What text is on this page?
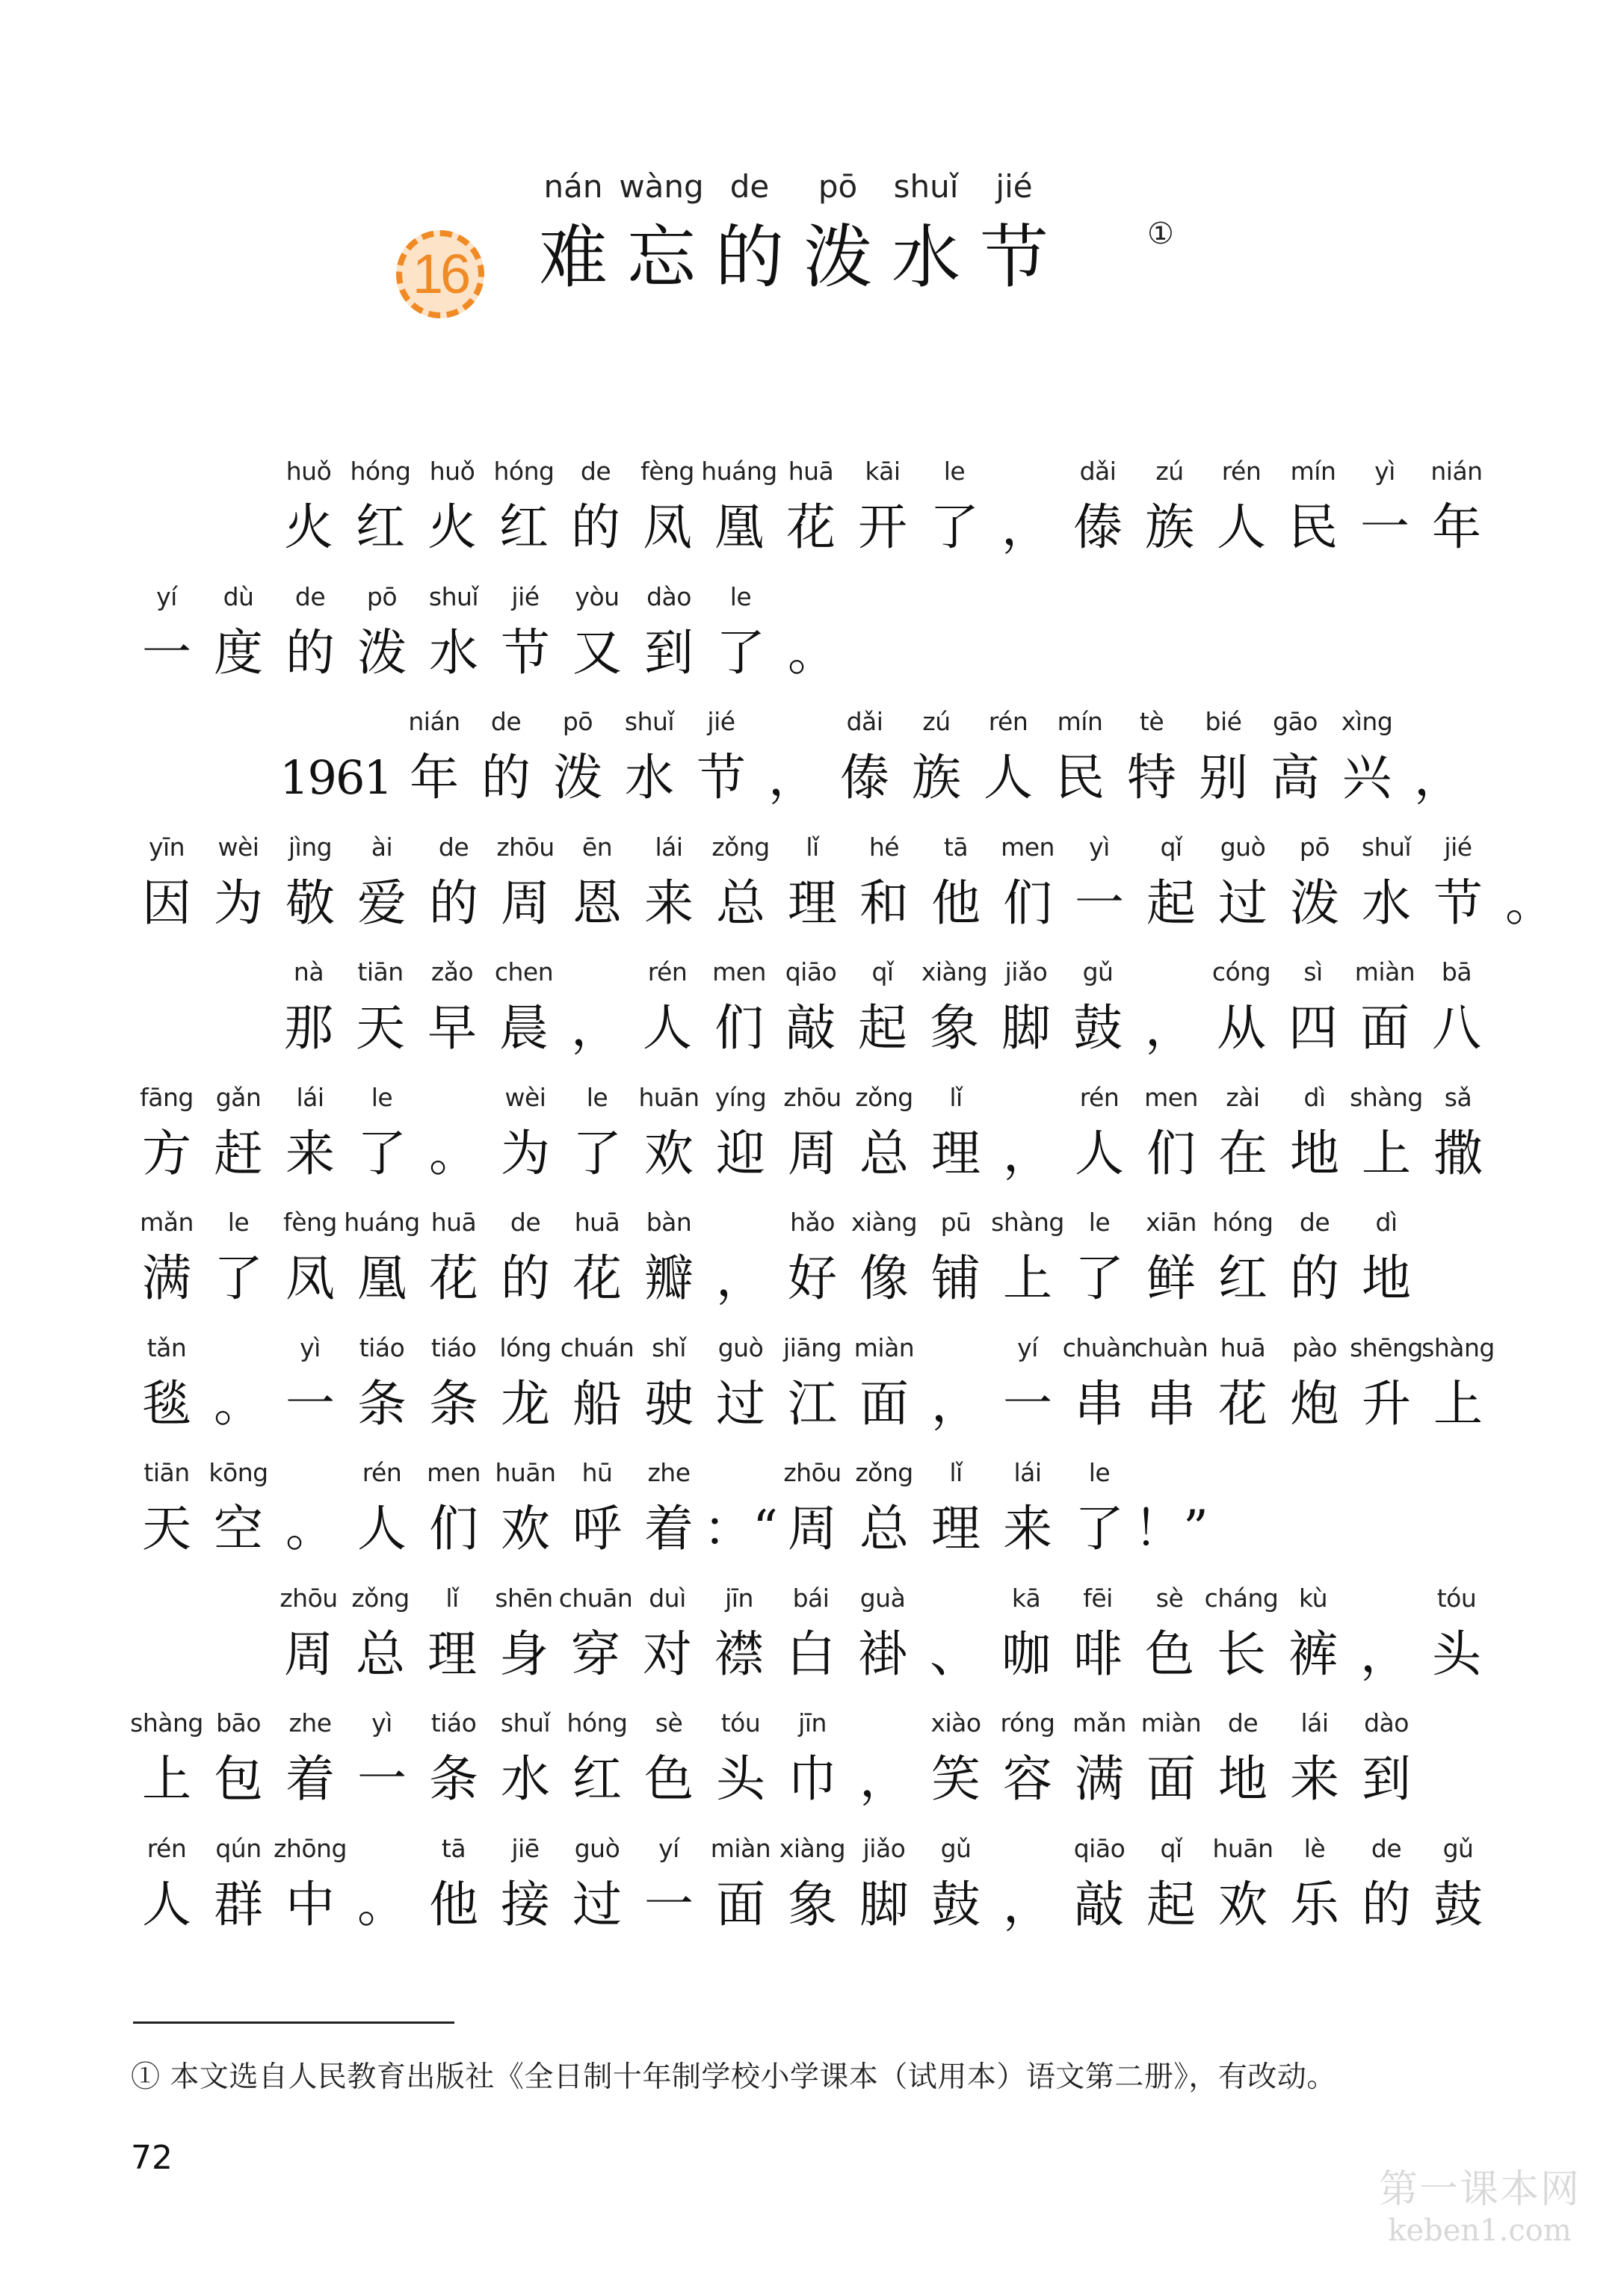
16
nán
难
wàng
忘
de
的
pō
泼
shuǐ
水
jié
节	①
huǒ
火
hóng
红
huǒ
火
hóng
红
de
的
fèng
凤
huáng
凰
huā
花
kāi
开
le
了 ，
dǎi
傣
zú
族
rén
人
mín
民
yì
一
nián
年
yí
一
dù
度
de
的
pō
泼
shuǐ
水
jié
节
yòu
又
dào
到
le
了 。
1961
nián
年
de
的
pō
泼
shuǐ
水
jié
节 ，
dǎi
傣
zú
族
rén
人
mín
民
tè
特
bié
别
gāo
高
xìng
兴 ，
yīn
因
wèi
为
jìng
敬
ài
爱
de
的
zhōu
周
ēn
恩
lái
来
zǒng
总
lǐ
理
hé
和
tā
他
men
们
yì
一
qǐ
起
guò
过
pō
泼
shuǐ
水
jié
节 。
nà
那
tiān
天
zǎo
早
chen
晨 ，
rén
人
men
们
qiāo
敲
qǐ
起
xiàng
象
jiǎo
脚
gǔ
鼓 ，
cóng
从
sì
四
miàn
面
bā
八
fāng
方
gǎn
赶
lái
来
le
了 。
wèi
为
le
了
huān
欢
yíng
迎
zhōu
周
zǒng
总
lǐ
理 ，
rén
人
men
们
zài
在
dì
地
shàng
上
sǎ
撒
mǎn
满
le
了
fèng
凤
huáng
凰
huā
花
de
的
huā
花
bàn
瓣 ，
hǎo
好
xiàng
像
pū
铺
shàng
上
le
了
xiān
鲜
hóng
红
de
的
dì
地
tǎn
毯 。
yì
一
tiáo
条
tiáo
条
lóng
龙
chuán
船
shǐ
驶
guò
过
jiāng
江
miàn
面 ，
yí
一
chuàn
串
chuàn
串
huā
花
pào
炮
shēng
升
shàng
上
tiān
天
kōng
空 。
rén
人
men
们
huān
欢
hū
呼
zhe
着 ：“
zhōu
周
zǒng
总
lǐ
理
lái
来
le
了 ！”
zhōu
周
zǒng
总
lǐ
理
shēn
身
chuān
穿
duì
对
jīn
襟
bái
白
guà
褂 、
kā
咖
fēi
啡
sè
色
cháng
长
kù
裤 ，
tóu
头
shàng
上
bāo
包
zhe
着
yì
一
tiáo
条
shuǐ
水
hóng
红
sè
色
tóu
头
jīn
巾 ，
xiào
笑
róng
容
mǎn
满
miàn
面
de
地
lái
来
dào
到
rén
人
qún
群
zhōng
中 。
tā
他
jiē
接
guò
过
yí
一
miàn
面
xiàng
象
jiǎo
脚
gǔ
鼓 ，
qiāo
敲
qǐ
起
huān
欢
lè
乐
de
的
gǔ
鼓
① 本文选自人民教育出版社《全日制十年制学校小学课本（试用本）语文第二册》，有改动。
72
第一课本网
keben1.com
